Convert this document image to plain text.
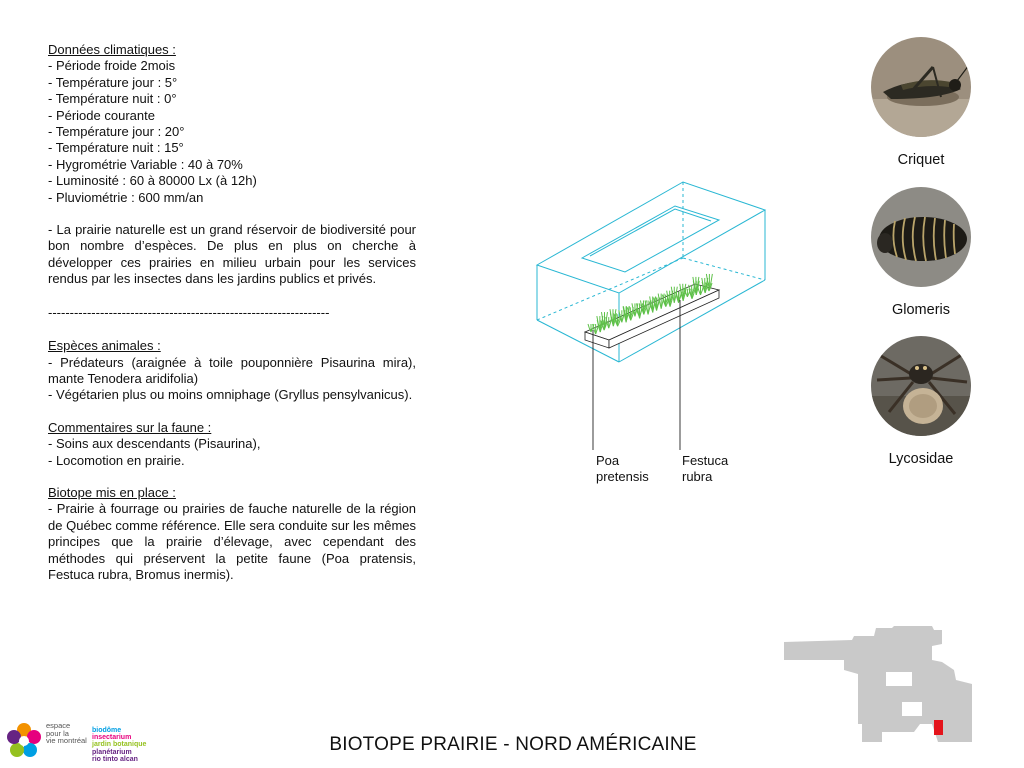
Données climatiques :
- Période froide 2mois
- Température jour : 5°
- Température nuit : 0°
- Période courante
- Température jour : 20°
- Température nuit : 15°
- Hygrométrie Variable : 40 à 70%
- Luminosité : 60 à 80000 Lx (à 12h)
- Pluviométrie : 600 mm/an
- La prairie naturelle est un grand réservoir de biodiversité pour bon nombre d’espèces. De plus en plus on cherche à développer ces prairies en milieu urbain pour les services rendus par les insectes dans les jardins publics et privés.
-----------------------------------------------------------------
Espèces animales :
- Prédateurs (araignée à toile pouponnière Pisaurina mira), mante Tenodera aridifolia)
- Végétarien plus ou moins omniphage (Gryllus pensylvanicus).
Commentaires sur la faune :
- Soins aux descendants (Pisaurina),
- Locomotion en prairie.
Biotope mis en place :
- Prairie à fourrage ou prairies de fauche naturelle de la région de Québec comme référence. Elle sera conduite sur les mêmes principes que la prairie d’élevage, avec cependant des méthodes qui préservent la petite faune (Poa pratensis, Festuca rubra, Bromus inermis).
Poa
pretensis
Festuca
rubra
Criquet
Glomeris
Lycosidae
espace
pour la
vie montréal
biodôme
insectarium
jardin botanique
planétarium
rio tinto alcan
BIOTOPE PRAIRIE - NORD AMÉRICAINE
